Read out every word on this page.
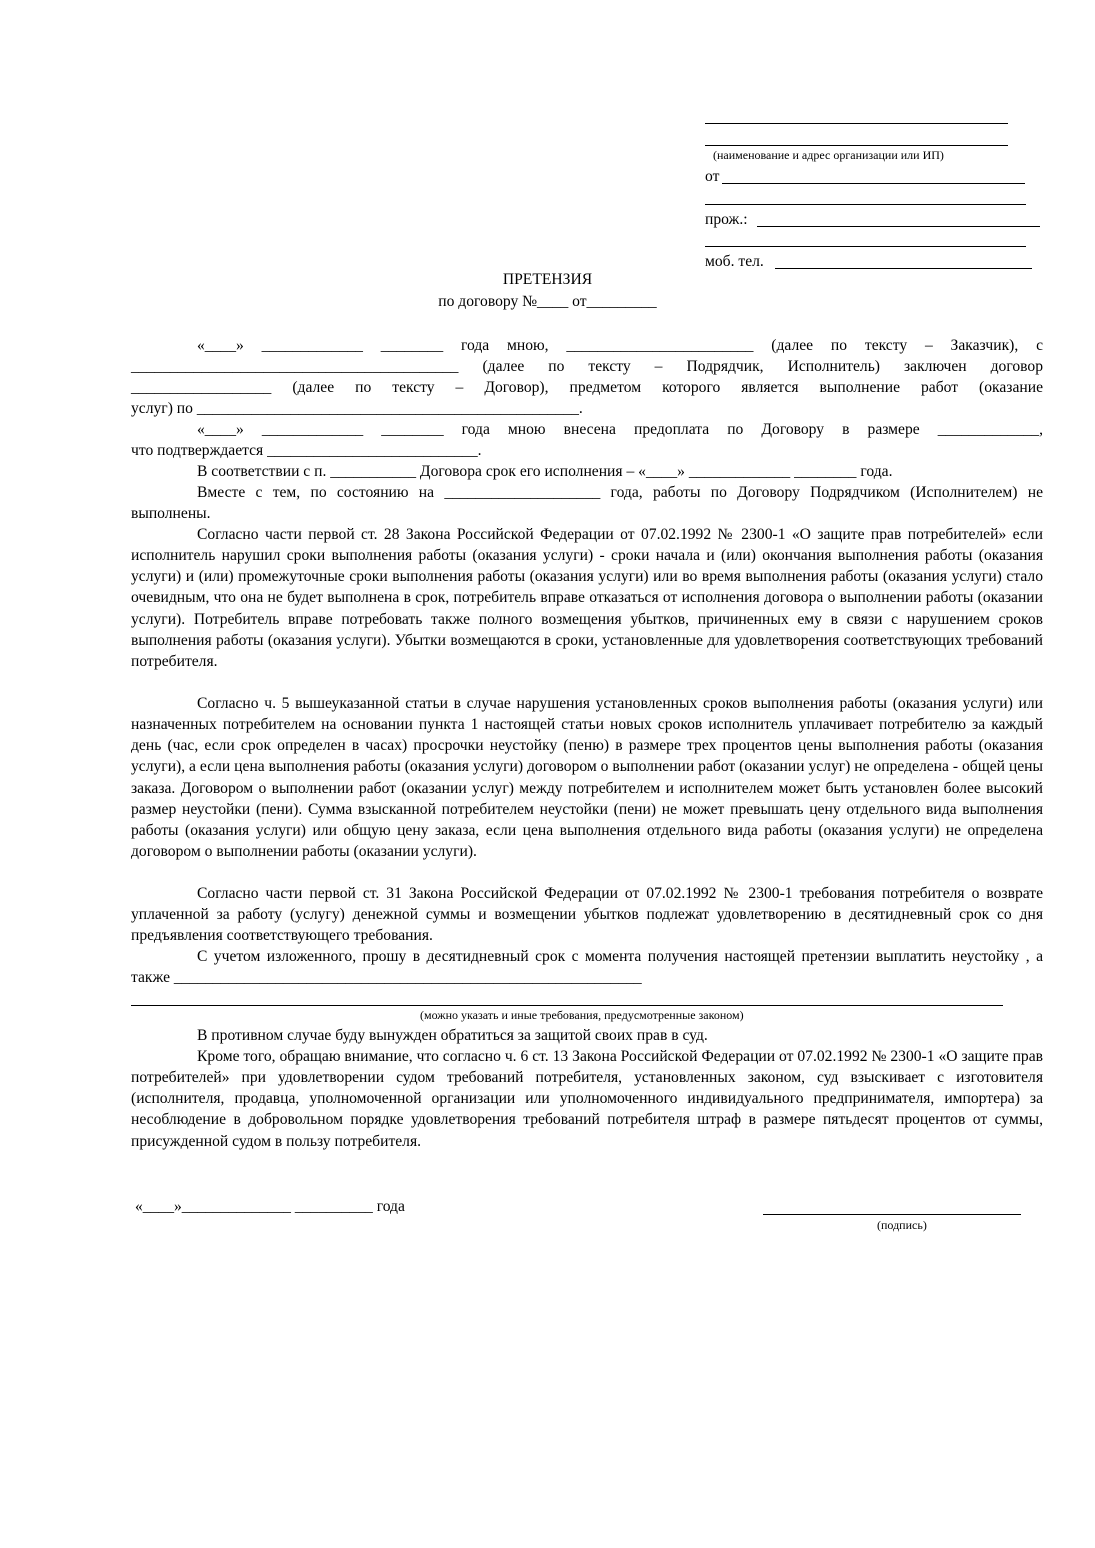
(наименование и адрес организации или ИП)
от
прож.:
моб. тел.
ПРЕТЕНЗИЯ
по договору №____ от_________
«____» _____________ ________ года мною, ________________________ (далее по тексту – Заказчик), с
__________________________________________ (далее по тексту – Подрядчик, Исполнитель) заключен договор
__________________ (далее по тексту – Договор), предметом которого является выполнение работ (оказание
услуг) по _________________________________________________.
«____» _____________ ________ года мною внесена предоплата по Договору в размере _____________,
что подтверждается ___________________________.

В соответствии с п. ___________ Договора срок его исполнения – «____» _____________ ________ года.

Вместе с тем, по состоянию на ____________________ года, работы по Договору Подрядчиком (Исполнителем) не выполнены.

Согласно части первой ст. 28 Закона Российской Федерации от 07.02.1992 № 2300-1 «О защите прав потребителей» если исполнитель нарушил сроки выполнения работы (оказания услуги) - сроки начала и (или) окончания выполнения работы (оказания услуги) и (или) промежуточные сроки выполнения работы (оказания услуги) или во время выполнения работы (оказания услуги) стало очевидным, что она не будет выполнена в срок, потребитель вправе отказаться от исполнения договора о выполнении работы (оказании услуги). Потребитель вправе потребовать также полного возмещения убытков, причиненных ему в связи с нарушением сроков выполнения работы (оказания услуги). Убытки возмещаются в сроки, установленные для удовлетворения соответствующих требований потребителя.

Согласно ч. 5 вышеуказанной статьи в случае нарушения установленных сроков выполнения работы (оказания услуги) или назначенных потребителем на основании пункта 1 настоящей статьи новых сроков исполнитель уплачивает потребителю за каждый день (час, если срок определен в часах) просрочки неустойку (пеню) в размере трех процентов цены выполнения работы (оказания услуги), а если цена выполнения работы (оказания услуги) договором о выполнении работ (оказании услуг) не определена - общей цены заказа. Договором о выполнении работ (оказании услуг) между потребителем и исполнителем может быть установлен более высокий размер неустойки (пени). Сумма взысканной потребителем неустойки (пени) не может превышать цену отдельного вида выполнения работы (оказания услуги) или общую цену заказа, если цена выполнения отдельного вида работы (оказания услуги) не определена договором о выполнении работы (оказании услуги).

Согласно части первой ст. 31 Закона Российской Федерации от 07.02.1992 № 2300-1 требования потребителя о возврате уплаченной за работу (услугу) денежной суммы и возмещении убытков подлежат удовлетворению в десятидневный срок со дня предъявления соответствующего требования.

С учетом изложенного, прошу в десятидневный срок с момента получения настоящей претензии выплатить неустойку , а также ____________________________________________________________

(можно указать и иные требования, предусмотренные законом)

В противном случае буду вынужден обратиться за защитой своих прав в суд.

Кроме того, обращаю внимание, что согласно ч. 6 ст. 13 Закона Российской Федерации от 07.02.1992 № 2300-1 «О защите прав потребителей» при удовлетворении судом требований потребителя, установленных законом, суд взыскивает с изготовителя (исполнителя, продавца, уполномоченной организации или уполномоченного индивидуального предпринимателя, импортера) за несоблюдение в добровольном порядке удовлетворения требований потребителя штраф в размере пятьдесят процентов от суммы, присужденной судом в пользу потребителя.

«____»______________ __________ года
(подпись)
